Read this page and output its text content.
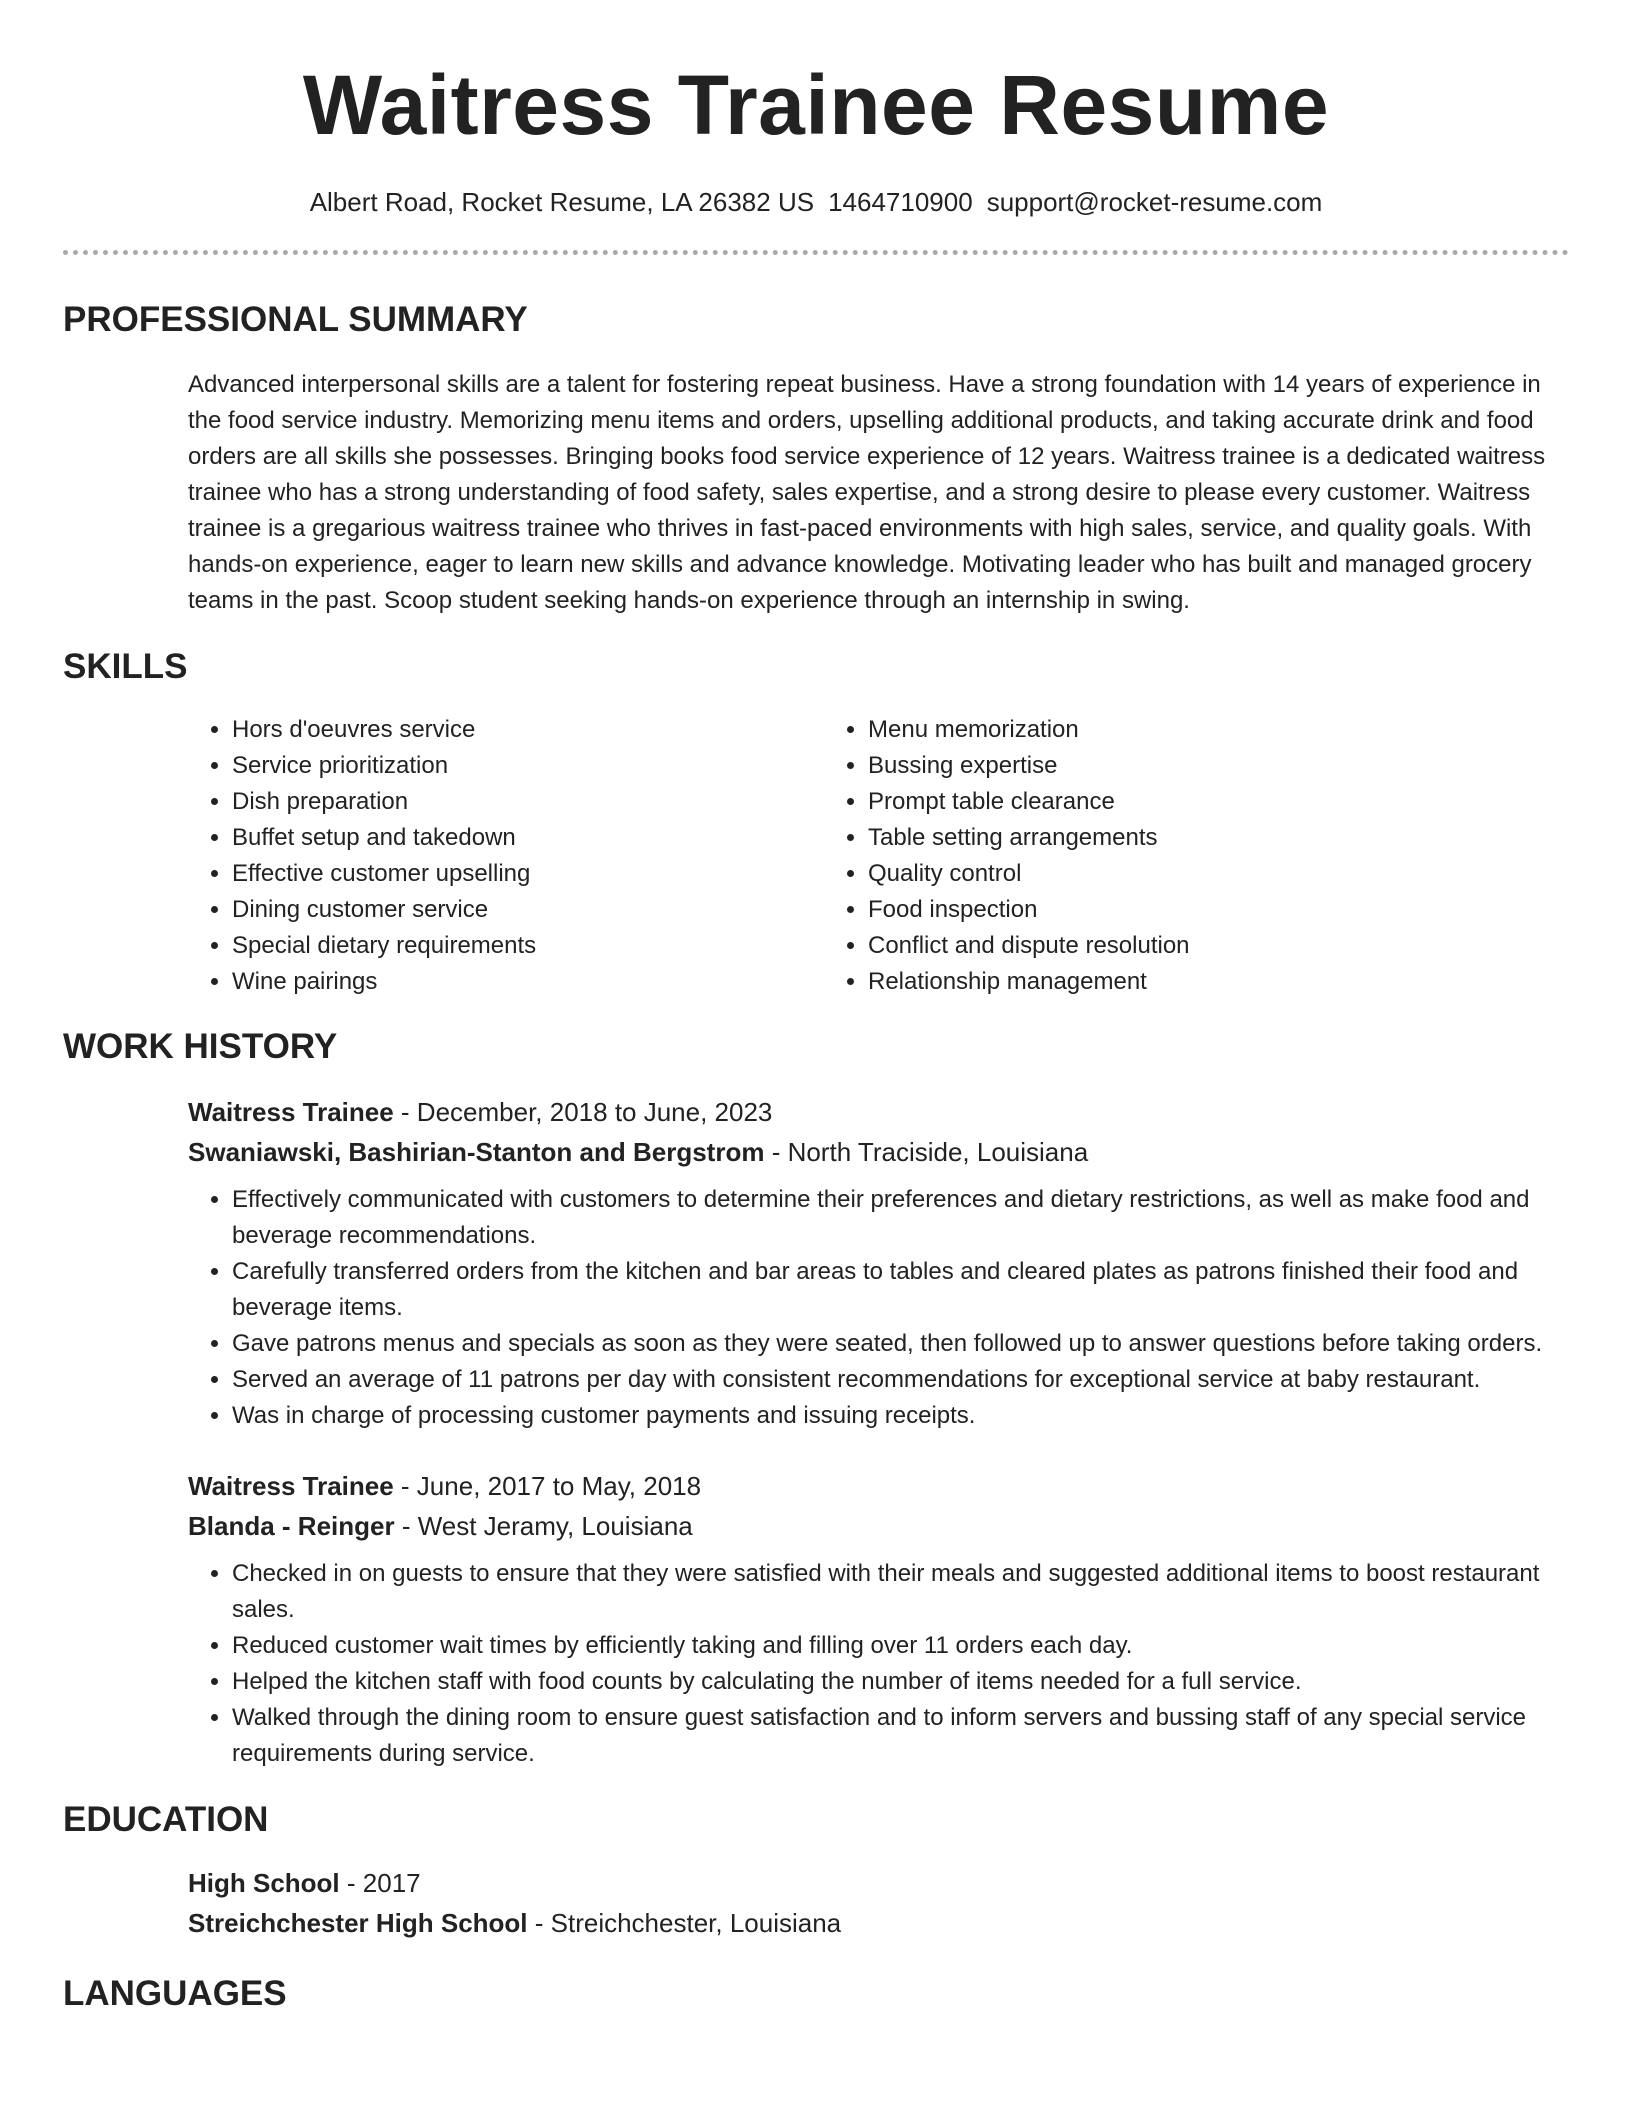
Waitress Trainee Resume
Albert Road, Rocket Resume, LA 26382 US 1464710900 support@rocket-resume.com
PROFESSIONAL SUMMARY

Advanced interpersonal skills are a talent for fostering repeat business. Have a strong foundation with 14 years of experience in the food service industry. Memorizing menu items and orders, upselling additional products, and taking accurate drink and food orders are all skills she possesses. Bringing books food service experience of 12 years. Waitress trainee is a dedicated waitress trainee who has a strong understanding of food safety, sales expertise, and a strong desire to please every customer. Waitress trainee is a gregarious waitress trainee who thrives in fast-paced environments with high sales, service, and quality goals. With hands-on experience, eager to learn new skills and advance knowledge. Motivating leader who has built and managed grocery teams in the past. Scoop student seeking hands-on experience through an internship in swing.

SKILLS
• Hors d'oeuvres service
• Service prioritization
• Dish preparation
• Buffet setup and takedown
• Effective customer upselling
• Dining customer service
• Special dietary requirements
• Wine pairings
• Menu memorization
• Bussing expertise
• Prompt table clearance
• Table setting arrangements
• Quality control
• Food inspection
• Conflict and dispute resolution
• Relationship management
WORK HISTORY
Waitress Trainee - December, 2018 to June, 2023
Swaniawski, Bashirian-Stanton and Bergstrom - North Traciside, Louisiana
• Effectively communicated with customers to determine their preferences and dietary restrictions, as well as make food and beverage recommendations.
• Carefully transferred orders from the kitchen and bar areas to tables and cleared plates as patrons finished their food and beverage items.
• Gave patrons menus and specials as soon as they were seated, then followed up to answer questions before taking orders.
• Served an average of 11 patrons per day with consistent recommendations for exceptional service at baby restaurant.
• Was in charge of processing customer payments and issuing receipts.
Waitress Trainee - June, 2017 to May, 2018
Blanda - Reinger - West Jeramy, Louisiana
• Checked in on guests to ensure that they were satisfied with their meals and suggested additional items to boost restaurant sales.
• Reduced customer wait times by efficiently taking and filling over 11 orders each day.
• Helped the kitchen staff with food counts by calculating the number of items needed for a full service.
• Walked through the dining room to ensure guest satisfaction and to inform servers and bussing staff of any special service requirements during service.
EDUCATION
High School - 2017
Streichchester High School - Streichchester, Louisiana
LANGUAGES
